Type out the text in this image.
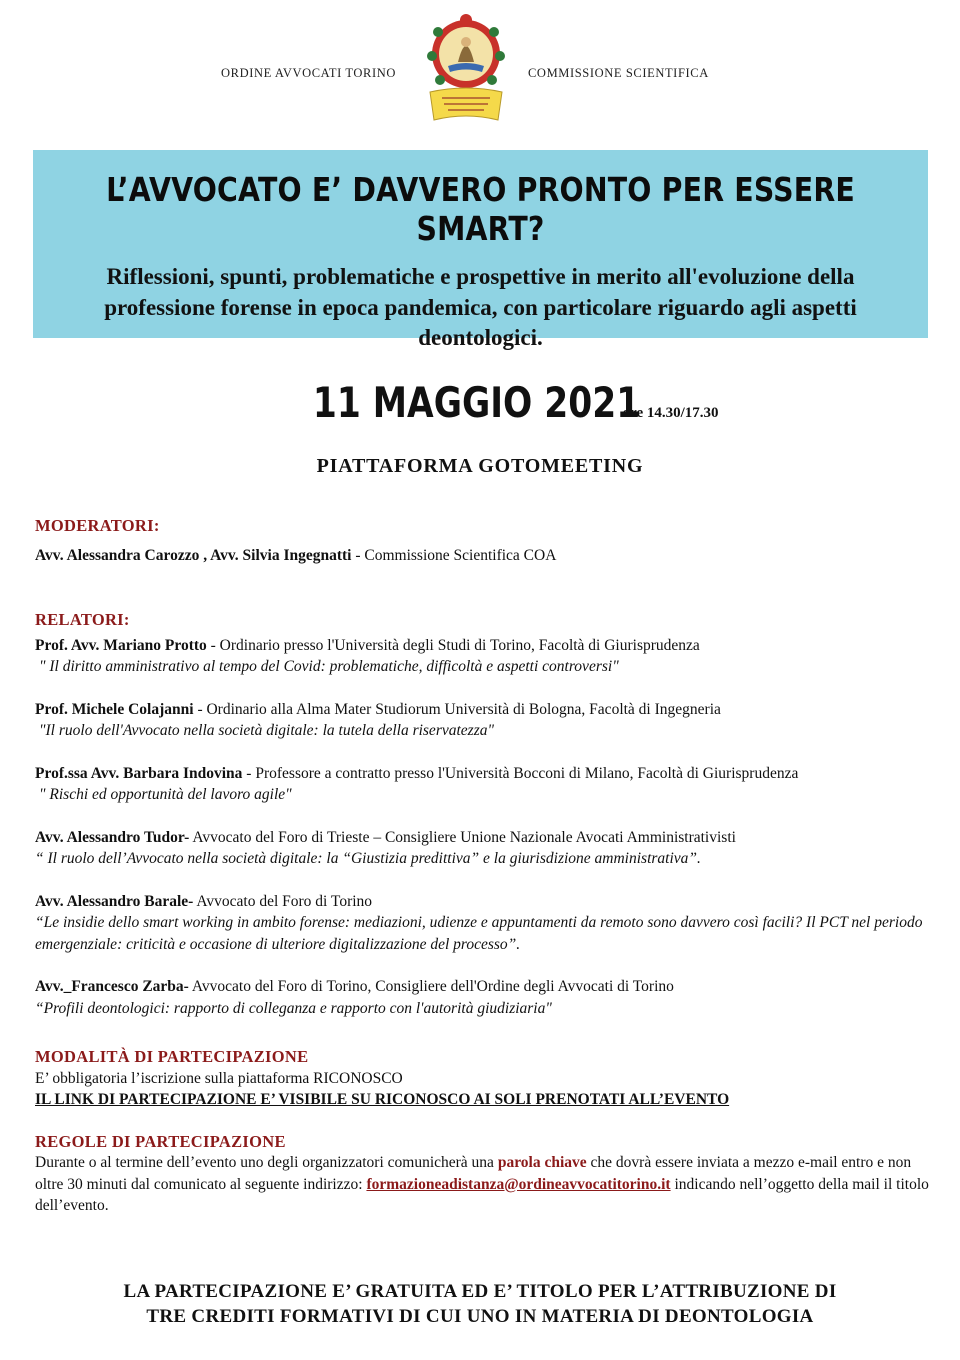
ORDINE AVVOCATI TORINO	COMMISSIONE SCIENTIFICA
L’AVVOCATO E’ DAVVERO PRONTO PER ESSERE SMART?
Riflessioni, spunti, problematiche e prospettive in merito all'evoluzione della professione forense in epoca pandemica, con particolare riguardo agli aspetti deontologici.
11 MAGGIO 2021 ore 14.30/17.30
PIATTAFORMA GOTOMEETING
MODERATORI:
Avv. Alessandra Carozzo , Avv. Silvia Ingegnatti - Commissione Scientifica COA
RELATORI:
Prof. Avv. Mariano Protto - Ordinario presso l'Università degli Studi di Torino, Facoltà di Giurisprudenza
" Il diritto amministrativo al tempo del Covid: problematiche, difficoltà e aspetti controversi"
Prof. Michele Colajanni - Ordinario alla Alma Mater Studiorum Università di Bologna, Facoltà di Ingegneria
"Il ruolo dell'Avvocato nella società digitale: la tutela della riservatezza"
Prof.ssa Avv. Barbara Indovina - Professore a contratto presso l'Università Bocconi di Milano, Facoltà di Giurisprudenza
" Rischi ed opportunità del lavoro agile"
Avv. Alessandro Tudor- Avvocato del Foro di Trieste – Consigliere Unione Nazionale Avocati Amministrativisti
“ Il ruolo dell’Avvocato nella società digitale: la “Giustizia predittiva” e la giurisdizione amministrativa”.
Avv. Alessandro Barale- Avvocato del Foro di Torino
“Le insidie dello smart working in ambito forense: mediazioni, udienze e appuntamenti da remoto sono davvero così facili? Il PCT nel periodo emergenziale: criticità e occasione di ulteriore digitalizzazione del processo”.
Avv._Francesco Zarba- Avvocato del Foro di Torino, Consigliere dell'Ordine degli Avvocati di Torino
“Profili deontologici: rapporto di colleganza e rapporto con l'autorità giudiziaria"
MODALITÀ DI PARTECIPAZIONE
E’ obbligatoria l’iscrizione sulla piattaforma RICONOSCO
IL LINK DI PARTECIPAZIONE E’ VISIBILE SU RICONOSCO AI SOLI PRENOTATI ALL’EVENTO
REGOLE DI PARTECIPAZIONE
Durante o al termine dell’evento uno degli organizzatori comunicherà una parola chiave che dovrà essere inviata a mezzo e-mail entro e non oltre 30 minuti dal comunicato al seguente indirizzo: formazioneadistanza@ordineavvocatitorino.it indicando nell’oggetto della mail il titolo dell’evento.
LA PARTECIPAZIONE E’ GRATUITA ED E’ TITOLO PER L’ATTRIBUZIONE DI
TRE CREDITI FORMATIVI DI CUI UNO IN MATERIA DI DEONTOLOGIA
